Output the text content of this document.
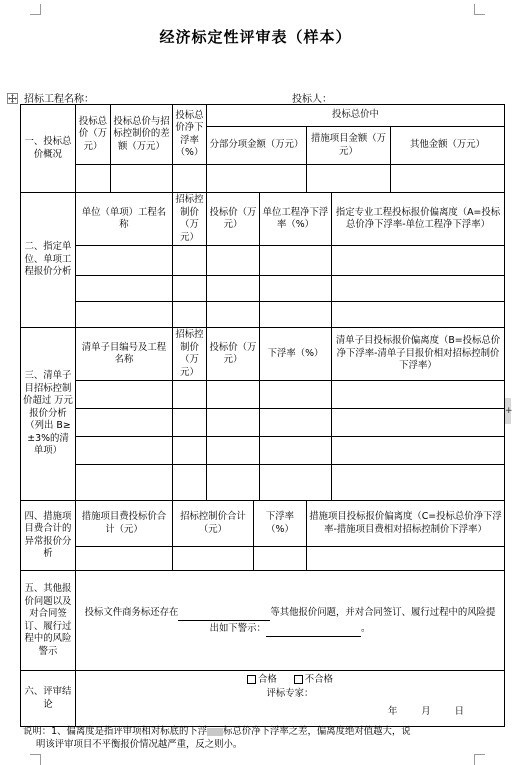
经济标定性评审表（样本）
招标工程名称：	投标人：
+
一、投标总价概况	投标总价（万元）	投标总价与招标控制价的差额（万元）	投标总价净下浮率（%）	投标总价中					
				分部分项金额（万元）			措施项目金额（万元）		其他金额（万元）

二、指定单位、单项工程报价分析	单位（单项）工程名称		招标控制价（万元）	投标价（万元）		单位工程净下浮率（%）		指定专业工程投标报价偏离度（A=投标总价净下浮率-单位工程净下浮率）	

三、清单子目招标控制价超过 万元报价分析（列出 B≥±3%的清单项）	清单子目编号及工程名称		招标控制价（万元）	投标价（万元）		下浮率（%）		清单子目投标报价偏离度（B=投标总价净下浮率-清单子目报价相对招标控制价下浮率）	

四、措施项目费合计的异常报价分析	措施项目费投标价合计（元）		招标控制价合计（元）		下浮率（%）		措施项目投标报价偏离度（C=投标总价净下浮率-措施项目费相对招标控制价下浮率）		

五、其他报价问题以及对合同签订、履行过程中的风险警示	投标文件商务标还存在 等其他报价问题，并对合同签订、履行过程中的风险提出如下警示： 。								
六、评审结论	合格 不合格
评标专家：
年 月 日								
说明：1、偏离度是指评审项相对标底的下浮 标总价净下浮率之差，偏离度绝对值越大，说
明该评审项目不平衡报价情况越严重，反之则小。
